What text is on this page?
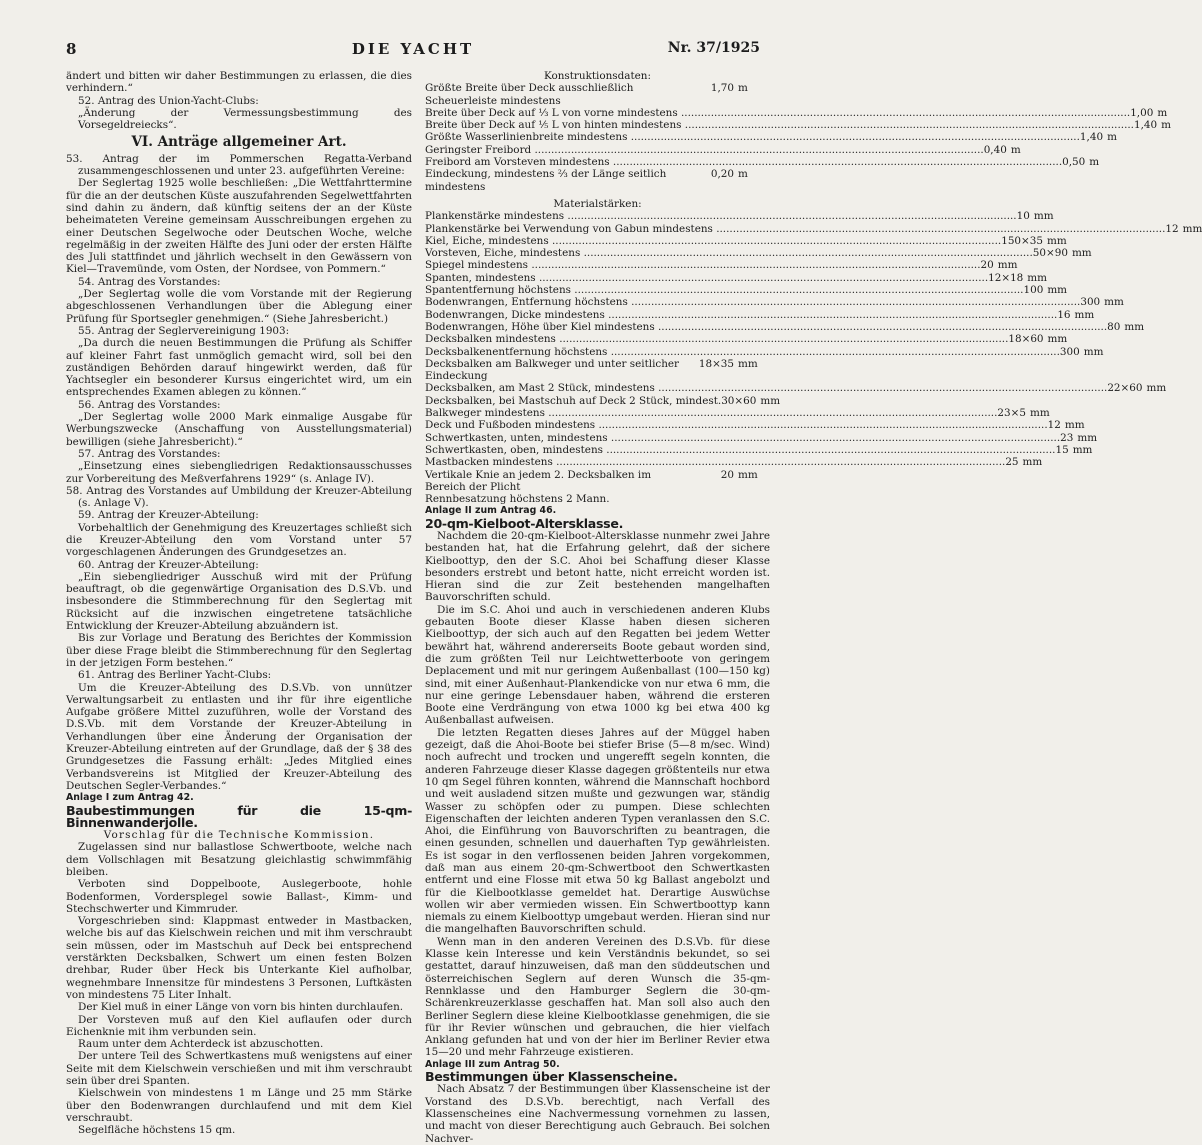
8	DIE YACHT	Nr. 37/1925

ändert und bitten wir daher Bestimmungen zu erlassen, die dies verhindern.“

52. Antrag des Union-Yacht-Clubs:

„Änderung der Vermessungsbestimmung des Vorsegeldreiecks“.

VI. Anträge allgemeiner Art.

53. Antrag der im Pommerschen Regatta-Verband zusammengeschlossenen und unter 23. aufgeführten Vereine:

Der Seglertag 1925 wolle beschließen: „Die Wettfahrttermine für die an der deutschen Küste auszufahrenden Segelwettfahrten sind dahin zu ändern, daß künftig seitens der an der Küste beheimateten Vereine gemeinsam Ausschreibungen ergehen zu einer Deutschen Segelwoche oder Deutschen Woche, welche regelmäßig in der zweiten Hälfte des Juni oder der ersten Hälfte des Juli stattfindet und jährlich wechselt in den Gewässern von Kiel—Travemünde, vom Osten, der Nordsee, von Pommern.“

54. Antrag des Vorstandes:

„Der Seglertag wolle die vom Vorstande mit der Regierung abgeschlossenen Verhandlungen über die Ablegung einer Prüfung für Sportsegler genehmigen.“ (Siehe Jahresbericht.)

55. Antrag der Seglervereinigung 1903:

„Da durch die neuen Bestimmungen die Prüfung als Schiffer auf kleiner Fahrt fast unmöglich gemacht wird, soll bei den zuständigen Behörden darauf hingewirkt werden, daß für Yachtsegler ein besonderer Kursus eingerichtet wird, um ein entsprechendes Examen ablegen zu können.“

56. Antrag des Vorstandes:

„Der Seglertag wolle 2000 Mark einmalige Ausgabe für Werbungszwecke (Anschaffung von Ausstellungsmaterial) bewilligen (siehe Jahresbericht).“

57. Antrag des Vorstandes:

„Einsetzung eines siebengliedrigen Redaktionsausschusses zur Vorbereitung des Meßverfahrens 1929“ (s. Anlage IV).

58. Antrag des Vorstandes auf Umbildung der Kreuzer-Abteilung (s. Anlage V).

59. Antrag der Kreuzer-Abteilung:

Vorbehaltlich der Genehmigung des Kreuzertages schließt sich die Kreuzer-Abteilung den vom Vorstand unter 57 vorgeschlagenen Änderungen des Grundgesetzes an.

60. Antrag der Kreuzer-Abteilung:

„Ein siebengliedriger Ausschuß wird mit der Prüfung beauftragt, ob die gegenwärtige Organisation des D.S.Vb. und insbesondere die Stimmberechnung für den Seglertag mit Rücksicht auf die inzwischen eingetretene tatsächliche Entwicklung der Kreuzer-Abteilung abzuändern ist.

Bis zur Vorlage und Beratung des Berichtes der Kommission über diese Frage bleibt die Stimmberechnung für den Seglertag in der jetzigen Form bestehen.“

61. Antrag des Berliner Yacht-Clubs:

Um die Kreuzer-Abteilung des D.S.Vb. von unnützer Verwaltungsarbeit zu entlasten und ihr für ihre eigentliche Aufgabe größere Mittel zuzuführen, wolle der Vorstand des D.S.Vb. mit dem Vorstande der Kreuzer-Abteilung in Verhandlungen über eine Änderung der Organisation der Kreuzer-Abteilung eintreten auf der Grundlage, daß der § 38 des Grundgesetzes die Fassung erhält: „Jedes Mitglied eines Verbandsvereins ist Mitglied der Kreuzer-Abteilung des Deutschen Segler-Verbandes.“

Anlage I zum Antrag 42.

Baubestimmungen für die 15-qm-Binnenwanderjolle.

Vorschlag für die Technische Kommission.

Zugelassen sind nur ballastlose Schwertboote, welche nach dem Vollschlagen mit Besatzung gleichlastig schwimmfähig bleiben.

Verboten sind Doppelboote, Auslegerboote, hohle Bodenformen, Vordersplegel sowie Ballast-, Kimm- und Stechschwerter und Kimmruder.

Vorgeschrieben sind: Klappmast entweder in Mastbacken, welche bis auf das Kielschwein reichen und mit ihm verschraubt sein müssen, oder im Mastschuh auf Deck bei entsprechend verstärkten Decksbalken, Schwert um einen festen Bolzen drehbar, Ruder über Heck bis Unterkante Kiel aufholbar, wegnehmbare Innensitze für mindestens 3 Personen, Luftkästen von mindestens 75 Liter Inhalt.

Der Kiel muß in einer Länge von vorn bis hinten durchlaufen.

Der Vorsteven muß auf den Kiel auflaufen oder durch Eichenknie mit ihm verbunden sein.

Raum unter dem Achterdeck ist abzuschotten.

Der untere Teil des Schwertkastens muß wenigstens auf einer Seite mit dem Kielschwein verschießen und mit ihm verschraubt sein über drei Spanten.

Kielschwein von mindestens 1 m Länge und 25 mm Stärke über den Bodenwrangen durchlaufend und mit dem Kiel verschraubt.

Segelfläche höchstens 15 qm.

Konstruktionsdaten:

Größte Breite über Deck ausschließlich Scheuerleiste mindestens
1,70 m
Breite über Deck auf ⅓ L von vorne mindestens .....	1,00 m
Breite über Deck auf ⅕ L von hinten mindestens .....	1,40 m
Größte Wasserlinienbreite mindestens .....	1,40 m
Geringster Freibord .....	0,40 m
Freibord am Vorsteven mindestens .....	0,50 m
Eindeckung, mindestens ⅔ der Länge seitlich mindestens
0,20 m

Materialstärken:

Plankenstärke mindestens .....	10 mm
Plankenstärke bei Verwendung von Gabun mindestens .....	12 mm
Kiel, Eiche, mindestens .....	150×35 mm
Vorsteven, Eiche, mindestens .....	50×90 mm
Spiegel mindestens .....	20 mm
Spanten, mindestens .....	12×18 mm
Spantentfernung höchstens .....	100 mm
Bodenwrangen, Entfernung höchstens .....	300 mm
Bodenwrangen, Dicke mindestens .....	16 mm
Bodenwrangen, Höhe über Kiel mindestens .....	80 mm
Decksbalken mindestens .....	18×60 mm
Decksbalkenentfernung höchstens .....	300 mm
Decksbalken am Balkweger und unter seitlicher Eindeckung
18×35 mm
Decksbalken, am Mast 2 Stück, mindestens .....	22×60 mm
Decksbalken, bei Mastschuh auf Deck 2 Stück, mindest. 30×60 mm
Balkweger mindestens .....	23×5 mm
Deck und Fußboden mindestens .....	12 mm
Schwertkasten, unten, mindestens .....	23 mm
Schwertkasten, oben, mindestens .....	15 mm
Mastbacken mindestens .....	25 mm
Vertikale Knie an jedem 2. Decksbalken im Bereich der Plicht
20 mm

Rennbesatzung höchstens 2 Mann.

Anlage II zum Antrag 46.

20-qm-Kielboot-Altersklasse.

Nachdem die 20-qm-Kielboot-Altersklasse nunmehr zwei Jahre bestanden hat, hat die Erfahrung gelehrt, daß der sichere Kielboottyp, den der S.C. Ahoi bei Schaffung dieser Klasse besonders erstrebt und betont hatte, nicht erreicht worden ist. Hieran sind die zur Zeit bestehenden mangelhaften Bauvorschriften schuld.

Die im S.C. Ahoi und auch in verschiedenen anderen Klubs gebauten Boote dieser Klasse haben diesen sicheren Kielboottyp, der sich auch auf den Regatten bei jedem Wetter bewährt hat, während andererseits Boote gebaut worden sind, die zum größten Teil nur Leichtwetterboote von geringem Deplacement und mit nur geringem Außenballast (100—150 kg) sind, mit einer Außenhaut-Plankendicke von nur etwa 6 mm, die nur eine geringe Lebensdauer haben, während die ersteren Boote eine Verdrängung von etwa 1000 kg bei etwa 400 kg Außenballast aufweisen.

Die letzten Regatten dieses Jahres auf der Müggel haben gezeigt, daß die Ahoi-Boote bei stiefer Brise (5—8 m/sec. Wind) noch aufrecht und trocken und ungerefft segeln konnten, die anderen Fahrzeuge dieser Klasse dagegen größtenteils nur etwa 10 qm Segel führen konnten, während die Mannschaft hochbord und weit ausladend sitzen mußte und gezwungen war, ständig Wasser zu schöpfen oder zu pumpen. Diese schlechten Eigenschaften der leichten anderen Typen veranlassen den S.C. Ahoi, die Einführung von Bauvorschriften zu beantragen, die einen gesunden, schnellen und dauerhaften Typ gewährleisten. Es ist sogar in den verflossenen beiden Jahren vorgekommen, daß man aus einem 20-qm-Schwertboot den Schwertkasten entfernt und eine Flosse mit etwa 50 kg Ballast angebolzt und für die Kielbootklasse gemeldet hat. Derartige Auswüchse wollen wir aber vermieden wissen. Ein Schwertboottyp kann niemals zu einem Kielboottyp umgebaut werden. Hieran sind nur die mangelhaften Bauvorschriften schuld.

Wenn man in den anderen Vereinen des D.S.Vb. für diese Klasse kein Interesse und kein Verständnis bekundet, so sei gestattet, darauf hinzuweisen, daß man den süddeutschen und österreichischen Seglern auf deren Wunsch die 35-qm-Rennklasse und den Hamburger Seglern die 30-qm-Schärenkreuzerklasse geschaffen hat. Man soll also auch den Berliner Seglern diese kleine Kielbootklasse genehmigen, die sie für ihr Revier wünschen und gebrauchen, die hier vielfach Anklang gefunden hat und von der hier im Berliner Revier etwa 15—20 und mehr Fahrzeuge existieren.

Anlage III zum Antrag 50.

Bestimmungen über Klassenscheine.

Nach Absatz 7 der Bestimmungen über Klassenscheine ist der Vorstand des D.S.Vb. berechtigt, nach Verfall des Klassenscheines eine Nachvermessung vornehmen zu lassen, und macht von dieser Berechtigung auch Gebrauch. Bei solchen Nachver-
